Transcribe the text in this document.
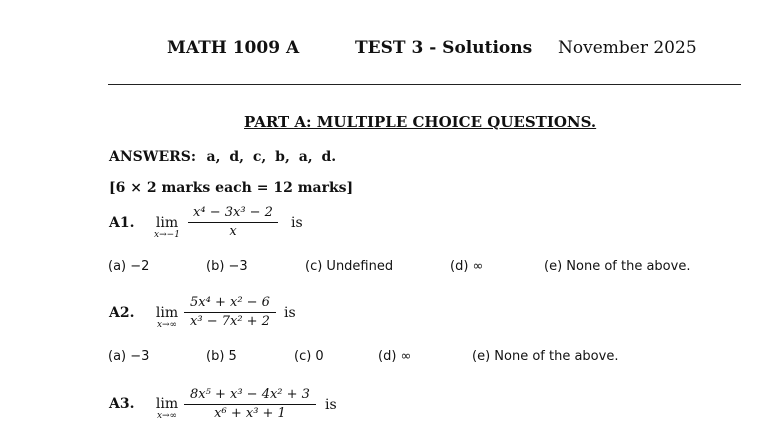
MATH 1009 A	TEST 3 - Solutions November 2025
PART A: MULTIPLE CHOICE QUESTIONS.
ANSWERS: a, d, c, b, a, d.
[6 × 2 marks each = 12 marks]
A1.	lim
$x\to-1 \frac{\text{x⁴ − 3x³ − 2}}{x}$ is
(a) −2	(b) −3	(c) Undefined	(d) ∞	(e) None of the above.
A2.	lim
$x\to\infty \frac{\text{5x⁴ + x² − 6}}{\text{x³ − 7x² + 2}}$ is
(a) −3	(b) 5	(c) 0	(d) ∞	(e) None of the above.
A3.	lim
$x\to\infty \frac{\text{8x⁵ + x³ − 4x² + 3}}{\text{x⁶ + x³ + 1}}$ is
